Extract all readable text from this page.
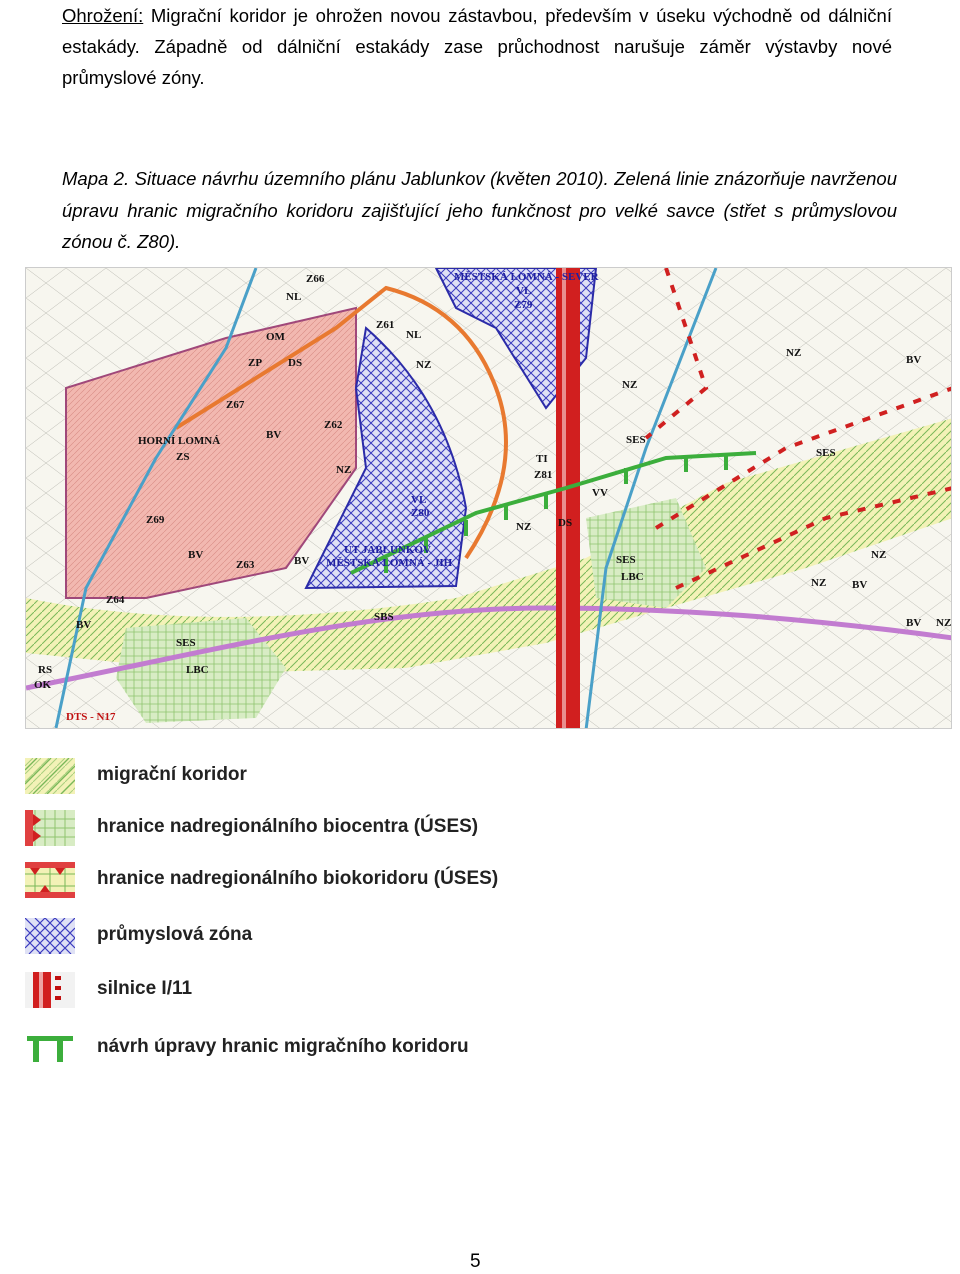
Ohrožení: Migrační koridor je ohrožen novou zástavbou, především v úseku východně od dálniční estakády. Západně od dálniční estakády zase průchodnost narušuje záměr výstavby nové průmyslové zóny.
Mapa 2. Situace návrhu územního plánu Jablunkov (květen 2010). Zelená linie znázorňuje navrženou úpravu hranic migračního koridoru zajišťující jeho funkčnost pro velké savce (střet s průmyslovou zónou č. Z80).
Z66
NL
OM
ZP DS
Z61
Z67
Z62
NL
NZ
BV
NZ
ZS
Z69
Z63
Z64
SES
LBC
RS
OK
DTS - N17
MĚSTSKÁ LOMNÁ - SEVER
VL
Z79
VL
Z80
UT JABLUNKOV
MĚSTSKÁ LOMNÁ - JIH
NZ
SBS
DS
SES
NZ
BV
SES
LBC
SES
NZ BV
NZ
NZ
BV
NZ
TI
Z81
VV
HORNÍ LOMNÁ
BV
BV	BV
migrační koridor
hranice nadregionálního biocentra (ÚSES)
hranice nadregionálního biokoridoru (ÚSES)
průmyslová zóna
silnice I/11
návrh úpravy hranic migračního koridoru
5
